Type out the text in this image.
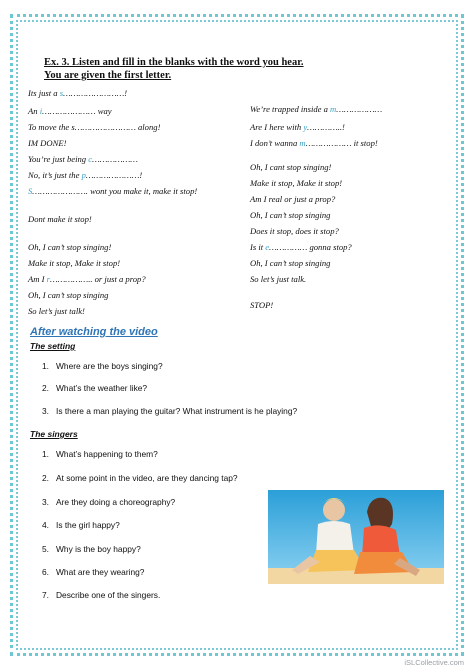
Ex. 3. Listen and fill in the blanks with the word you hear.
You are given the first letter.
Its just a s……………………!
An i………………… way
To move the s…………………… along!
IM DONE!
You’re just being c………………
No, it’s just the p…………………!
S…………………. wont you make it, make it stop!
Dont make it stop!
Oh, I can’t stop singing!
Make it stop, Make it stop!
Am I r…………….. or just a prop?
Oh, I can’t stop singing
So let’s just talk!
We’re trapped inside a m………………
Are I here with y…………..!
I don’t wanna m……………… it stop!
Oh, I cant stop singing!
Make it stop, Make it stop!
Am I real or just a prop?
Oh, I can’t stop singing
Does it stop, does it stop?
Is it e…………… gonna stop?
Oh, I can’t stop singing
So let’s just talk.
STOP!
After watching the video
The setting
1. Where are the boys singing?
2. What’s the weather like?
3. Is there a man playing the guitar? What instrument is he playing?
The singers
1. What’s happening to them?
2. At some point in the video, are they dancing tap?
3. Are they doing a choreography?
4. Is the girl happy?
5. Why is the boy happy?
6. What are they wearing?
7. Describe one of the singers.
iSLCollective.com
